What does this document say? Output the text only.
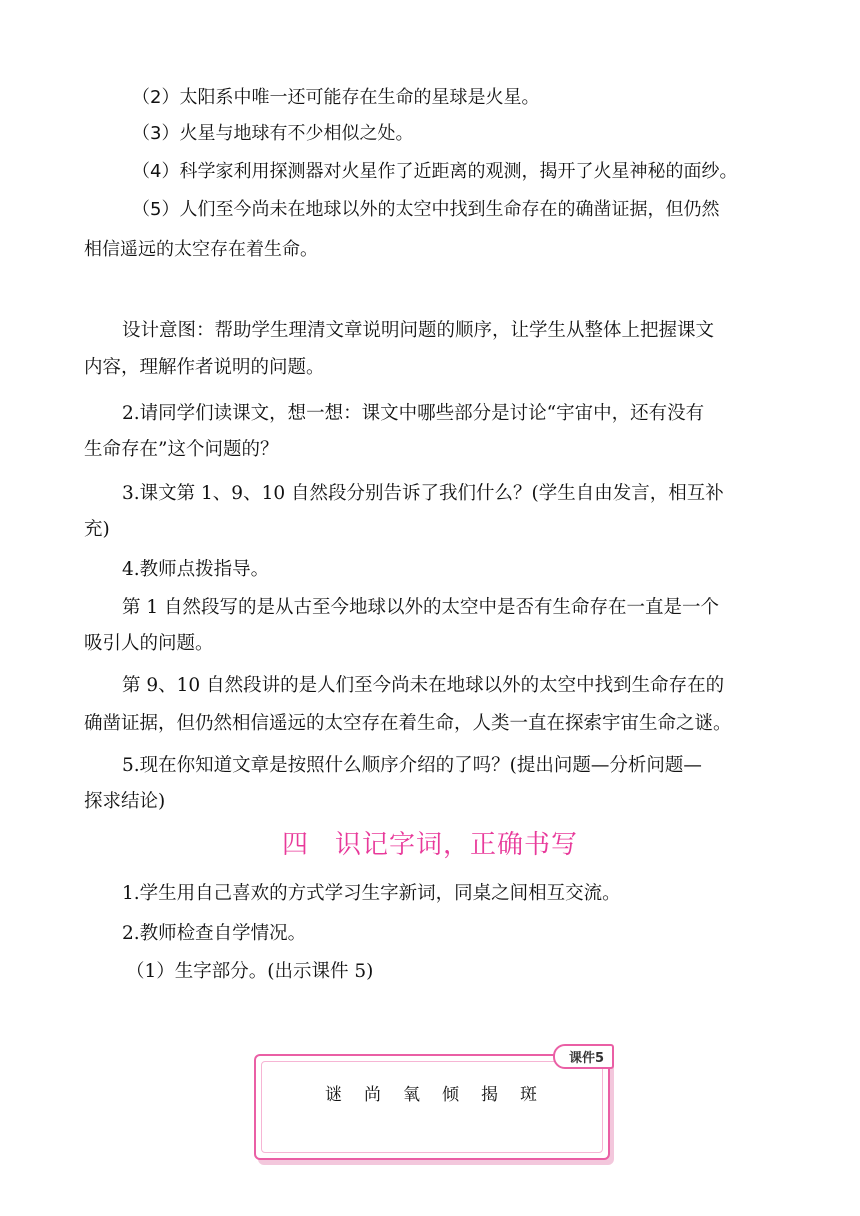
（2）太阳系中唯一还可能存在生命的星球是火星。
（3）火星与地球有不少相似之处。
（4）科学家利用探测器对火星作了近距离的观测，揭开了火星神秘的面纱。
（5）人们至今尚未在地球以外的太空中找到生命存在的确凿证据，但仍然
相信遥远的太空存在着生命。
设计意图：帮助学生理清文章说明问题的顺序，让学生从整体上把握课文
内容，理解作者说明的问题。
2.请同学们读课文，想一想：课文中哪些部分是讨论“宇宙中，还有没有
生命存在”这个问题的？
3.课文第 1、9、10 自然段分别告诉了我们什么？(学生自由发言，相互补
充)
4.教师点拨指导。
第 1 自然段写的是从古至今地球以外的太空中是否有生命存在一直是一个
吸引人的问题。
第 9、10 自然段讲的是人们至今尚未在地球以外的太空中找到生命存在的
确凿证据，但仍然相信遥远的太空存在着生命，人类一直在探索宇宙生命之谜。
5.现在你知道文章是按照什么顺序介绍的了吗？(提出问题—分析问题—
探求结论)
四 识记字词，正确书写
1.学生用自己喜欢的方式学习生字新词，同桌之间相互交流。
2.教师检查自学情况。
（1）生字部分。(出示课件 5)
课件5
谜 尚 氧 倾 揭 斑
